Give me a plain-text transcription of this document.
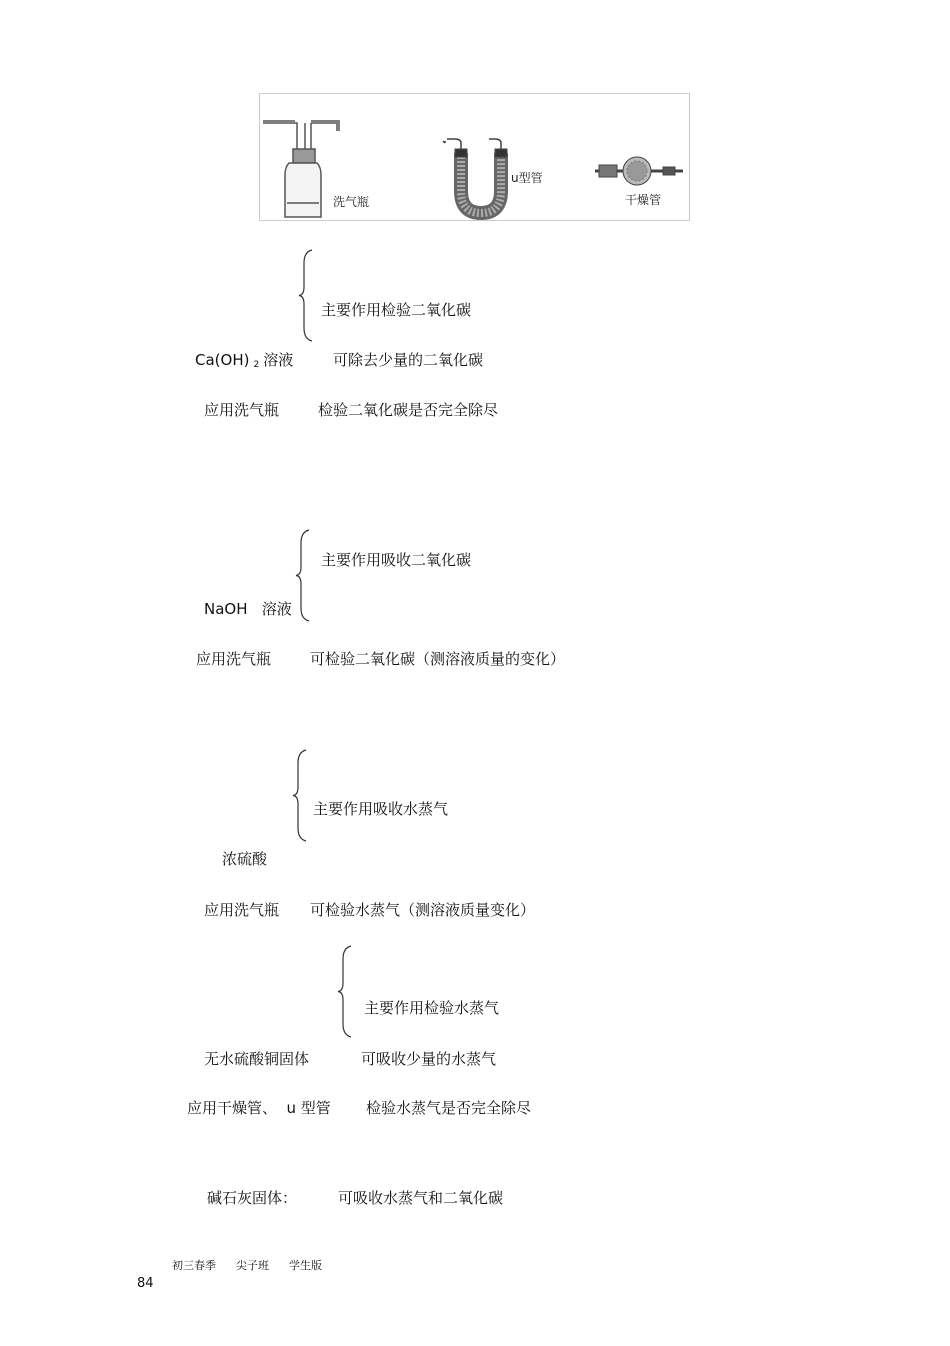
洗气瓶
u型管
干燥管
主要作用检验二氧化碳
Ca(OH) 2 溶液	可除去少量的二氧化碳
应用洗气瓶	检验二氧化碳是否完全除尽
主要作用吸收二氧化碳
NaOH   溶液
应用洗气瓶	可检验二氧化碳（测溶液质量的变化）
主要作用吸收水蒸气
浓硫酸
应用洗气瓶 可检验水蒸气（测溶液质量变化）
主要作用检验水蒸气
无水硫酸铜固体	可吸收少量的水蒸气
应用干燥管、  u 型管 检验水蒸气是否完全除尽
碱石灰固体：	可吸收水蒸气和二氧化碳
初三春季 尖子班 学生版
84
